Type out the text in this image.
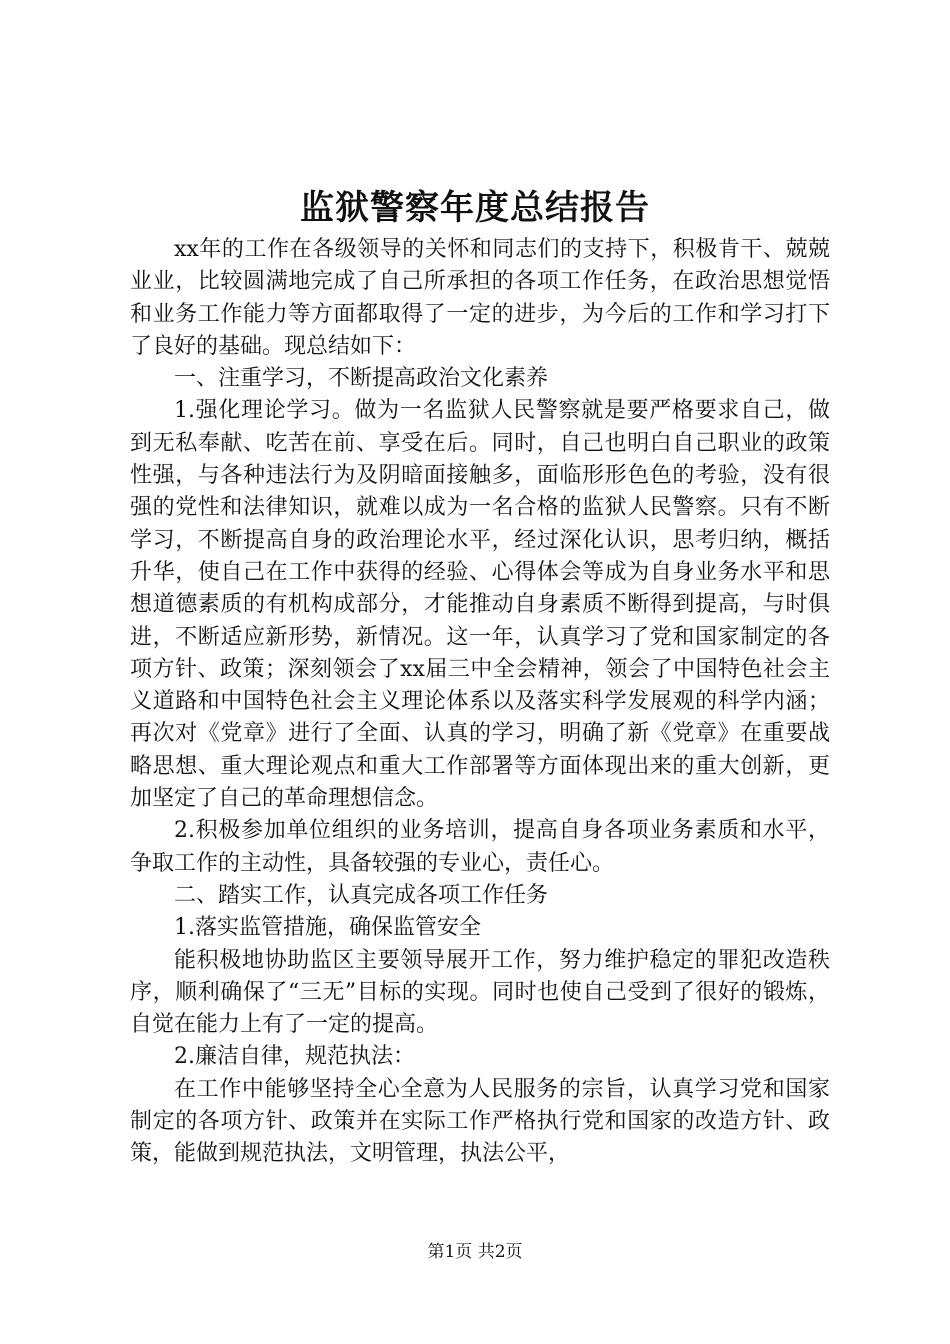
监狱警察年度总结报告

xx年的工作在各级领导的关怀和同志们的支持下，积极肯干、兢兢业业，比较圆满地完成了自己所承担的各项工作任务，在政治思想觉悟和业务工作能力等方面都取得了一定的进步，为今后的工作和学习打下了良好的基础。现总结如下：

一、注重学习，不断提高政治文化素养

1.强化理论学习。做为一名监狱人民警察就是要严格要求自己，做到无私奉献、吃苦在前、享受在后。同时，自己也明白自己职业的政策性强，与各种违法行为及阴暗面接触多，面临形形色色的考验，没有很强的党性和法律知识，就难以成为一名合格的监狱人民警察。只有不断学习，不断提高自身的政治理论水平，经过深化认识，思考归纳，概括升华，使自己在工作中获得的经验、心得体会等成为自身业务水平和思想道德素质的有机构成部分，才能推动自身素质不断得到提高，与时俱进，不断适应新形势，新情况。这一年，认真学习了党和国家制定的各项方针、政策；深刻领会了xx届三中全会精神，领会了中国特色社会主义道路和中国特色社会主义理论体系以及落实科学发展观的科学内涵；再次对《党章》进行了全面、认真的学习，明确了新《党章》在重要战略思想、重大理论观点和重大工作部署等方面体现出来的重大创新，更加坚定了自己的革命理想信念。

2.积极参加单位组织的业务培训，提高自身各项业务素质和水平，争取工作的主动性，具备较强的专业心，责任心。

二、踏实工作，认真完成各项工作任务

1.落实监管措施，确保监管安全

能积极地协助监区主要领导展开工作，努力维护稳定的罪犯改造秩序，顺利确保了“三无”目标的实现。同时也使自己受到了很好的锻炼，自觉在能力上有了一定的提高。

2.廉洁自律，规范执法：

在工作中能够坚持全心全意为人民服务的宗旨，认真学习党和国家制定的各项方针、政策并在实际工作严格执行党和国家的改造方针、政策，能做到规范执法，文明管理，执法公平，

第1页 共2页
